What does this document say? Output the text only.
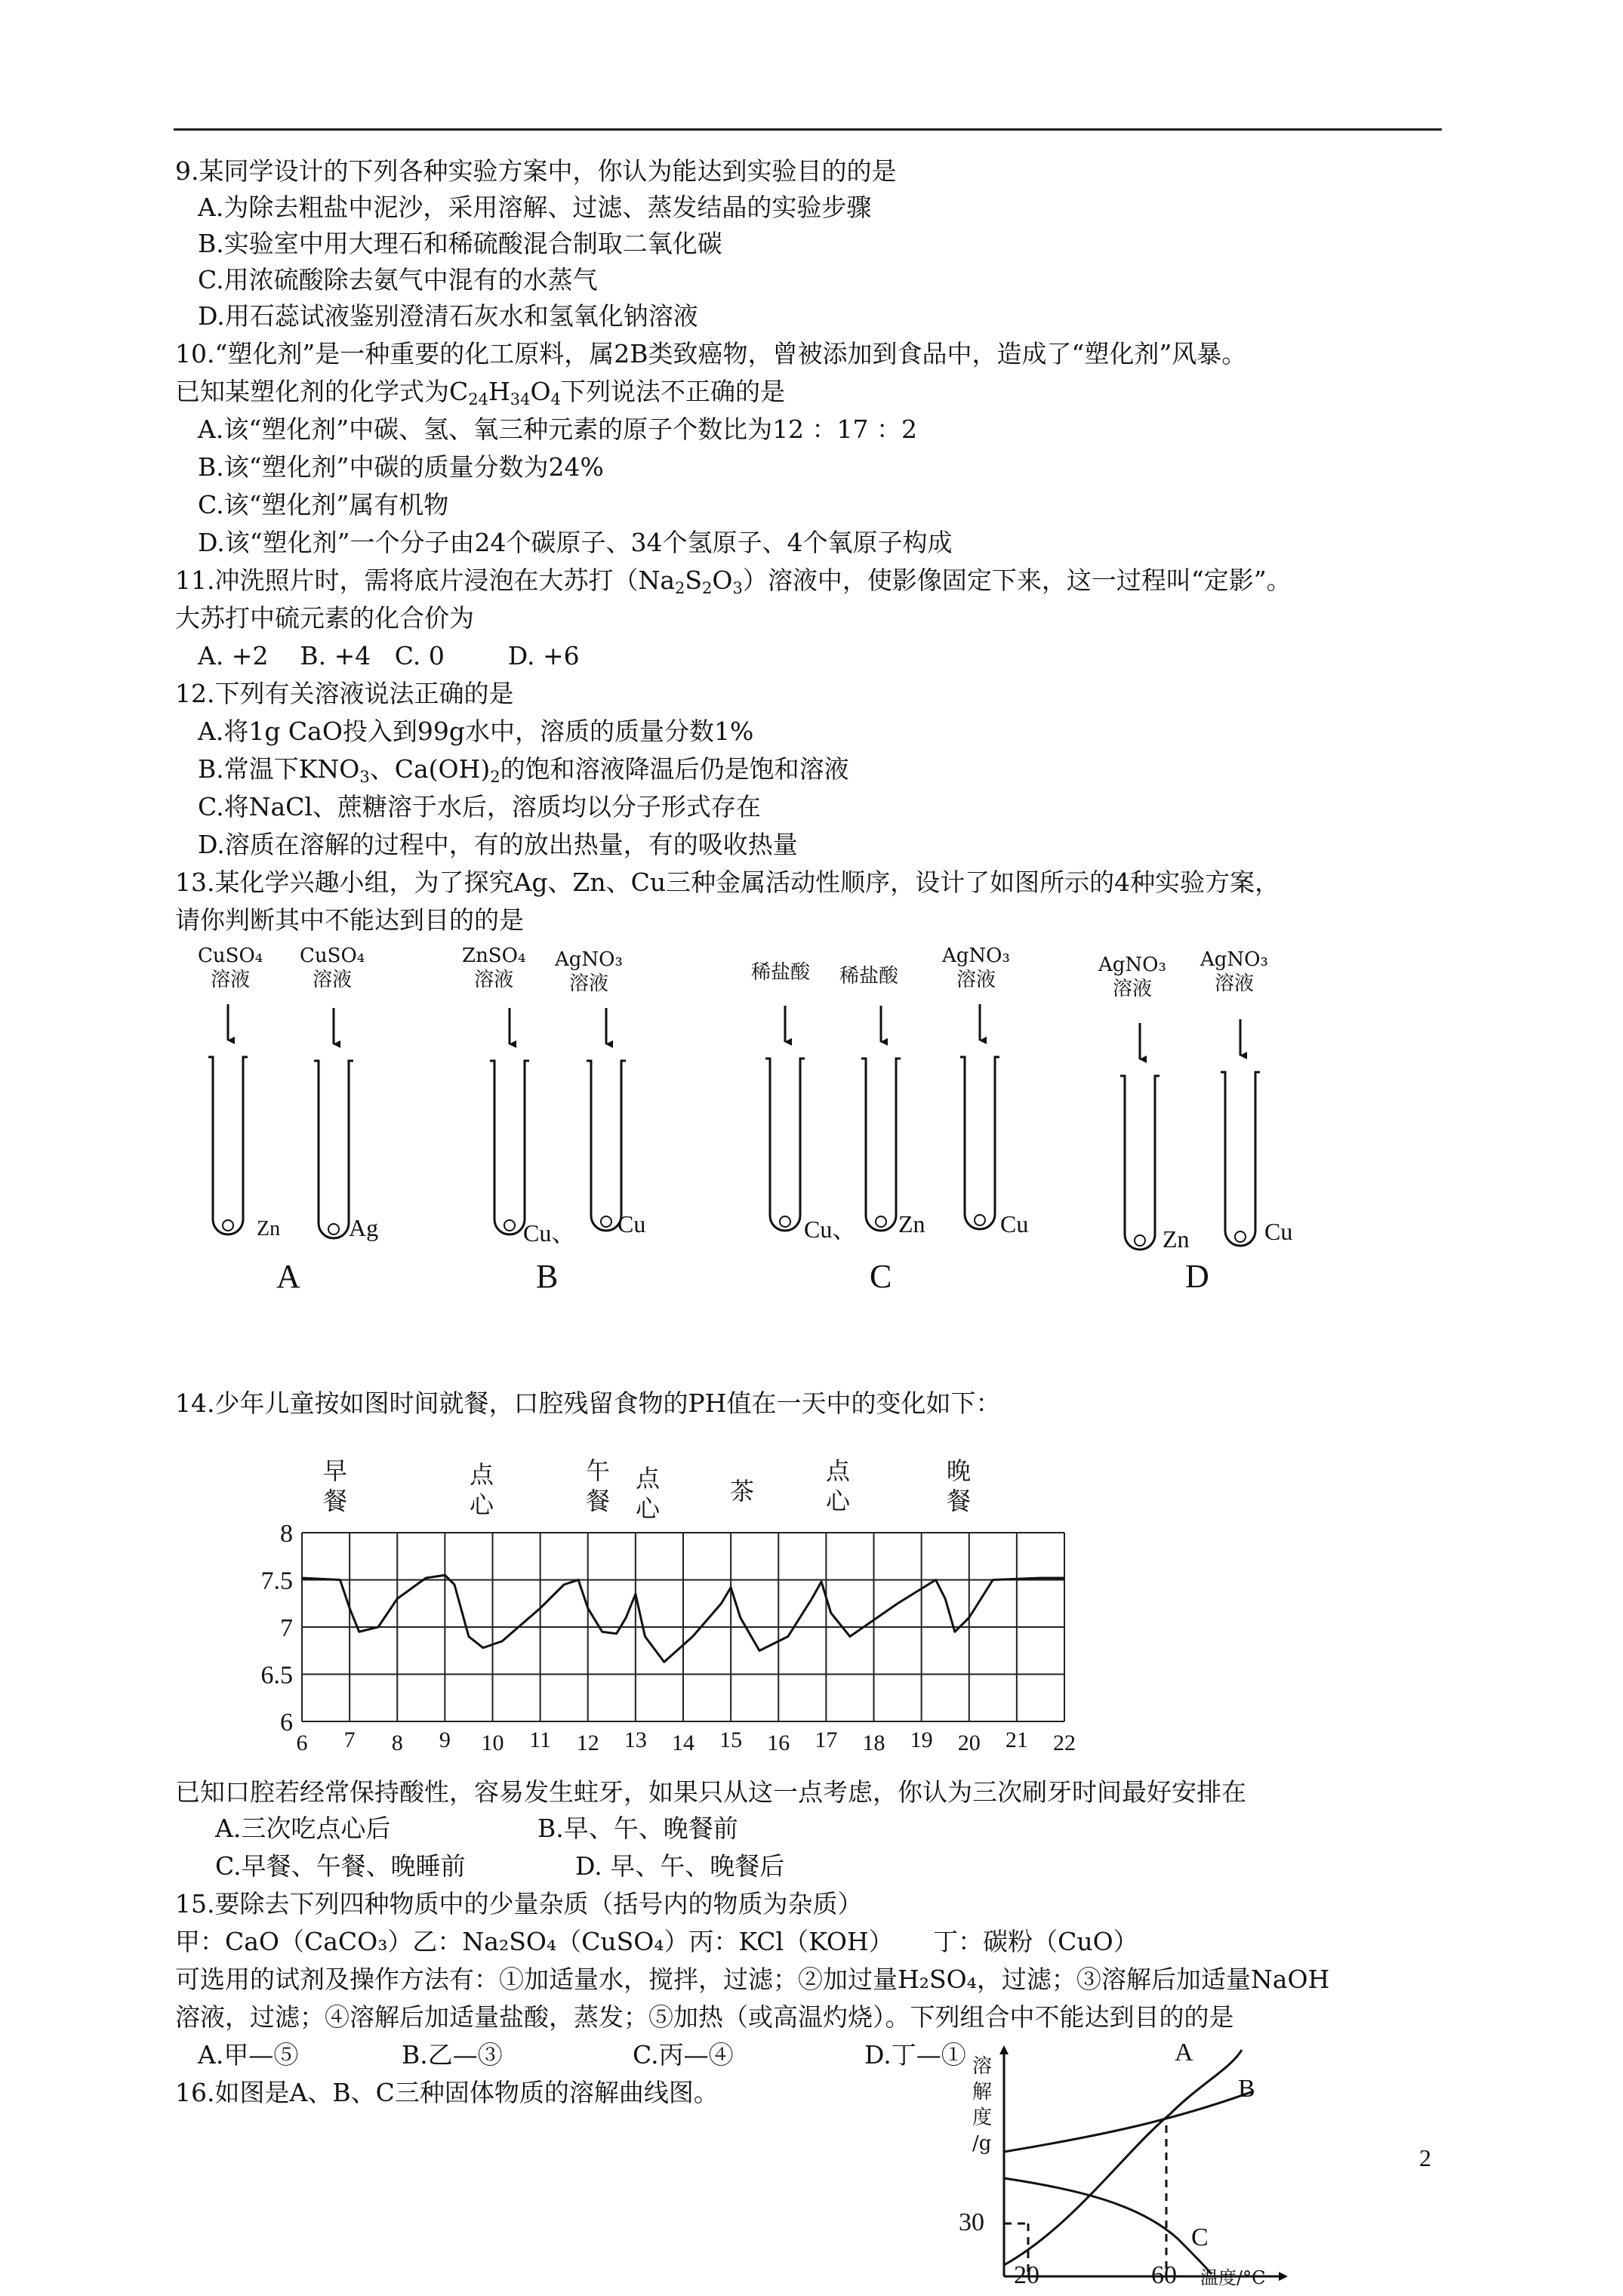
9.某同学设计的下列各种实验方案中，你认为能达到实验目的的是
A.为除去粗盐中泥沙，采用溶解、过滤、蒸发结晶的实验步骤
B.实验室中用大理石和稀硫酸混合制取二氧化碳
C.用浓硫酸除去氨气中混有的水蒸气
D.用石蕊试液鉴别澄清石灰水和氢氧化钠溶液
10.“塑化剂”是一种重要的化工原料，属2B类致癌物，曾被添加到食品中，造成了“塑化剂”风暴。
已知某塑化剂的化学式为$C_{24}H_{34}O_4$下列说法不正确的是
A.该“塑化剂”中碳、氢、氧三种元素的原子个数比为12 ：17 ：2
B.该“塑化剂”中碳的质量分数为24%
C.该“塑化剂”属有机物
D.该“塑化剂”一个分子由24个碳原子、34个氢原子、4个氧原子构成
11.冲洗照片时，需将底片浸泡在大苏打$(Na_2S_2O_3)$溶液中，使影像固定下来，这一过程叫“定影”。
大苏打中硫元素的化合价为
A. +2    B. +4   C. 0        D. +6
12.下列有关溶液说法正确的是
A.将1g CaO投入到99g水中，溶质的质量分数1%
B.常温下$KNO_3$、$Ca(OH)_2$的饱和溶液降温后仍是饱和溶液
C.将NaCl、蔗糖溶于水后，溶质均以分子形式存在
D.溶质在溶解的过程中，有的放出热量，有的吸收热量
13.某化学兴趣小组，为了探究Ag、Zn、Cu三种金属活动性顺序，设计了如图所示的4种实验方案，
请你判断其中不能达到目的的是
CuSO₄
溶液
CuSO₄
溶液
ZnSO₄
溶液
AgNO₃
溶液	稀盐酸 稀盐酸
AgNO₃
溶液
AgNO₃
溶液
AgNO₃
溶液
Zn	Ag	Cu、 Cu	Cu、 Zn	Cu
Zn	Cu
A	B	C	D
14.少年儿童按如图时间就餐，口腔残留食物的PH值在一天中的变化如下：
早
餐
点
心
午
餐
点
心
茶
点
心
晚
餐
6
6.5
7
7.5
8
6 7 8 9 10 11 12 13 14 15 16 17 18 19 20 21 22
已知口腔若经常保持酸性，容易发生蛀牙，如果只从这一点考虑，你认为三次刷牙时间最好安排在
A.三次吃点心后	B.早、午、晚餐前
C.早餐、午餐、晚睡前	D. 早、午、晚餐后
15.要除去下列四种物质中的少量杂质（括号内的物质为杂质）
甲：CaO（CaCO₃）乙：Na₂SO₄（CuSO₄）丙：KCl（KOH）     丁：碳粉（CuO）
可选用的试剂及操作方法有：①加适量水，搅拌，过滤；②加过量H₂SO₄，过滤；③溶解后加适量NaOH
溶液，过滤；④溶解后加适量盐酸，蒸发；⑤加热（或高温灼烧）。下列组合中不能达到目的的是
A.甲—⑤	B.乙—③	C.丙—④	D.丁—①
16.如图是A、B、C三种固体物质的溶解曲线图。
溶
解
度
/g
A
B
C
30
20	60 温度/°C
2
